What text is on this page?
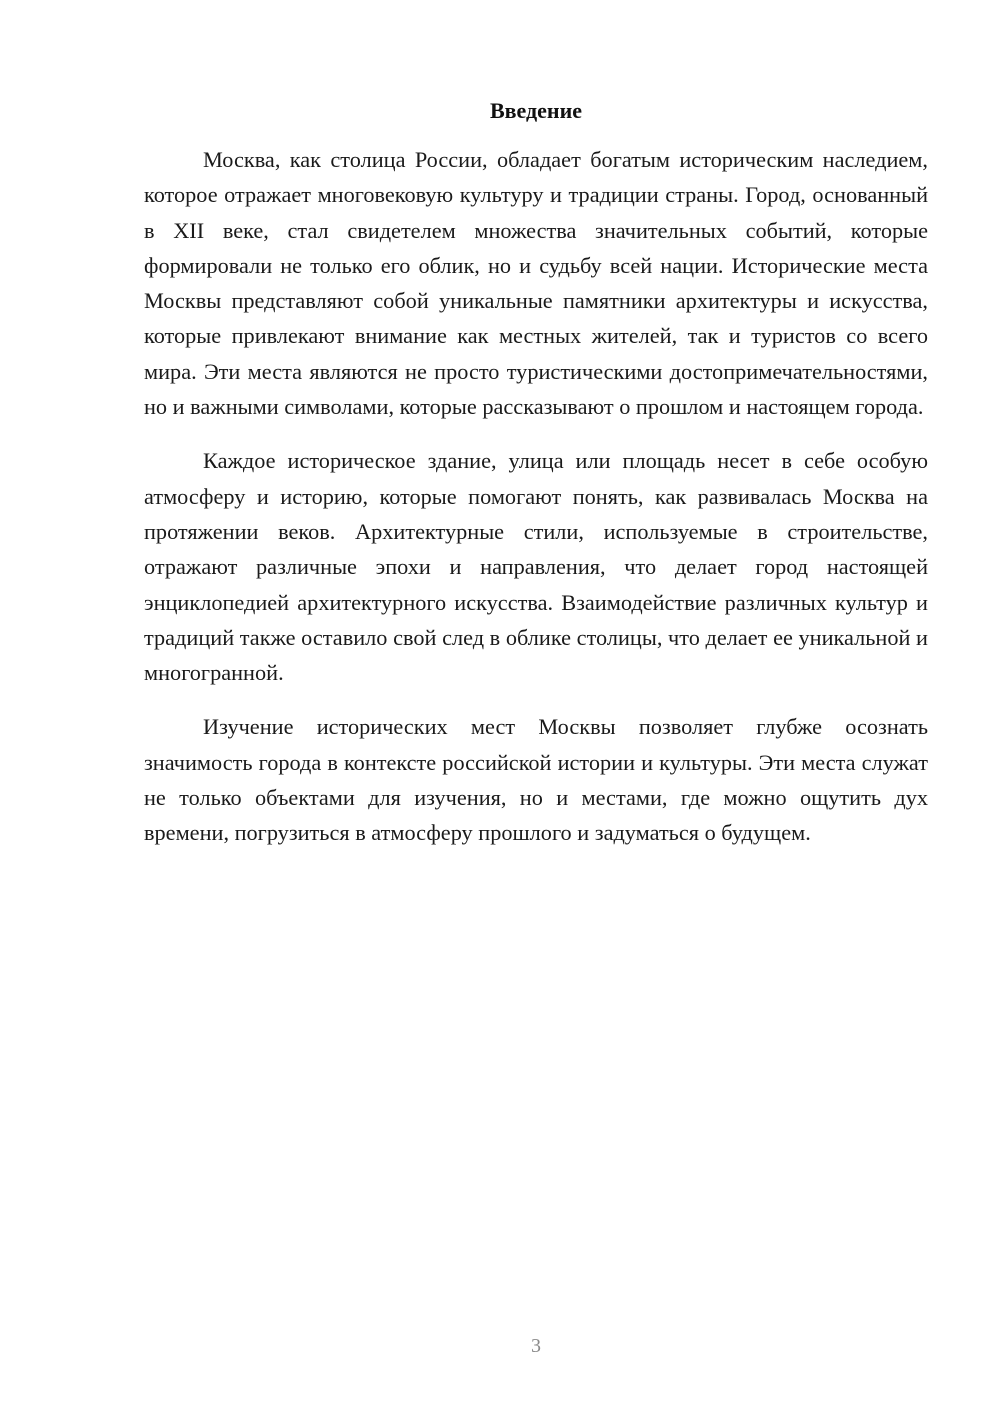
Введение

Москва, как столица России, обладает богатым историческим наследием, которое отражает многовековую культуру и традиции страны. Город, основанный в XII веке, стал свидетелем множества значительных событий, которые формировали не только его облик, но и судьбу всей нации. Исторические места Москвы представляют собой уникальные памятники архитектуры и искусства, которые привлекают внимание как местных жителей, так и туристов со всего мира. Эти места являются не просто туристическими достопримечательностями, но и важными символами, которые рассказывают о прошлом и настоящем города.

Каждое историческое здание, улица или площадь несет в себе особую атмосферу и историю, которые помогают понять, как развивалась Москва на протяжении веков. Архитектурные стили, используемые в строительстве, отражают различные эпохи и направления, что делает город настоящей энциклопедией архитектурного искусства. Взаимодействие различных культур и традиций также оставило свой след в облике столицы, что делает ее уникальной и многогранной.

Изучение исторических мест Москвы позволяет глубже осознать значимость города в контексте российской истории и культуры. Эти места служат не только объектами для изучения, но и местами, где можно ощутить дух времени, погрузиться в атмосферу прошлого и задуматься о будущем.

3
